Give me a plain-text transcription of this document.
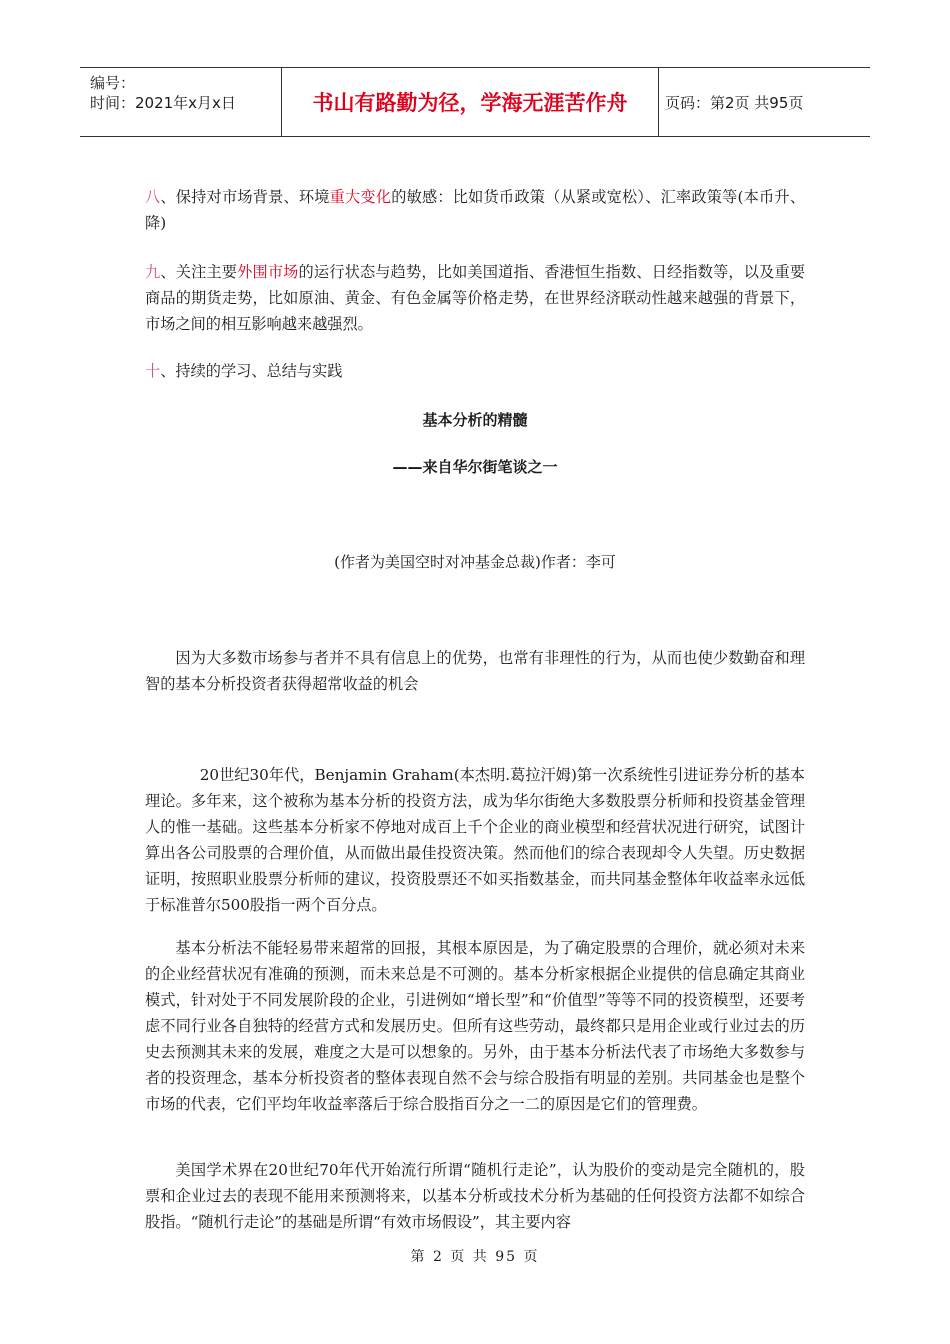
编号：
时间：2021年x月x日	书山有路勤为径，学海无涯苦作舟	页码：第2页 共95页

八、保持对市场背景、环境重大变化的敏感：比如货币政策（从紧或宽松）、汇率政策等(本币升、降)

九、关注主要外围市场的运行状态与趋势，比如美国道指、香港恒生指数、日经指数等，以及重要商品的期货走势，比如原油、黄金、有色金属等价格走势，在世界经济联动性越来越强的背景下，市场之间的相互影响越来越强烈。

十、持续的学习、总结与实践

基本分析的精髓
——来自华尔街笔谈之一
(作者为美国空时对冲基金总裁)作者：李可

因为大多数市场参与者并不具有信息上的优势，也常有非理性的行为，从而也使少数勤奋和理智的基本分析投资者获得超常收益的机会

20世纪30年代，Benjamin Graham(本杰明.葛拉汗姆)第一次系统性引进证券分析的基本理论。多年来，这个被称为基本分析的投资方法，成为华尔街绝大多数股票分析师和投资基金管理人的惟一基础。这些基本分析家不停地对成百上千个企业的商业模型和经营状况进行研究，试图计算出各公司股票的合理价值，从而做出最佳投资决策。然而他们的综合表现却令人失望。历史数据证明，按照职业股票分析师的建议，投资股票还不如买指数基金，而共同基金整体年收益率永远低于标准普尔500股指一两个百分点。

基本分析法不能轻易带来超常的回报，其根本原因是，为了确定股票的合理价，就必须对未来的企业经营状况有准确的预测，而未来总是不可测的。基本分析家根据企业提供的信息确定其商业模式，针对处于不同发展阶段的企业，引进例如“增长型”和“价值型”等等不同的投资模型，还要考虑不同行业各自独特的经营方式和发展历史。但所有这些劳动，最终都只是用企业或行业过去的历史去预测其未来的发展，难度之大是可以想象的。另外，由于基本分析法代表了市场绝大多数参与者的投资理念，基本分析投资者的整体表现自然不会与综合股指有明显的差别。共同基金也是整个市场的代表，它们平均年收益率落后于综合股指百分之一二的原因是它们的管理费。

美国学术界在20世纪70年代开始流行所谓“随机行走论”，认为股价的变动是完全随机的，股票和企业过去的表现不能用来预测将来，以基本分析或技术分析为基础的任何投资方法都不如综合股指。“随机行走论”的基础是所谓“有效市场假设”，其主要内容

第 2 页 共 95 页
